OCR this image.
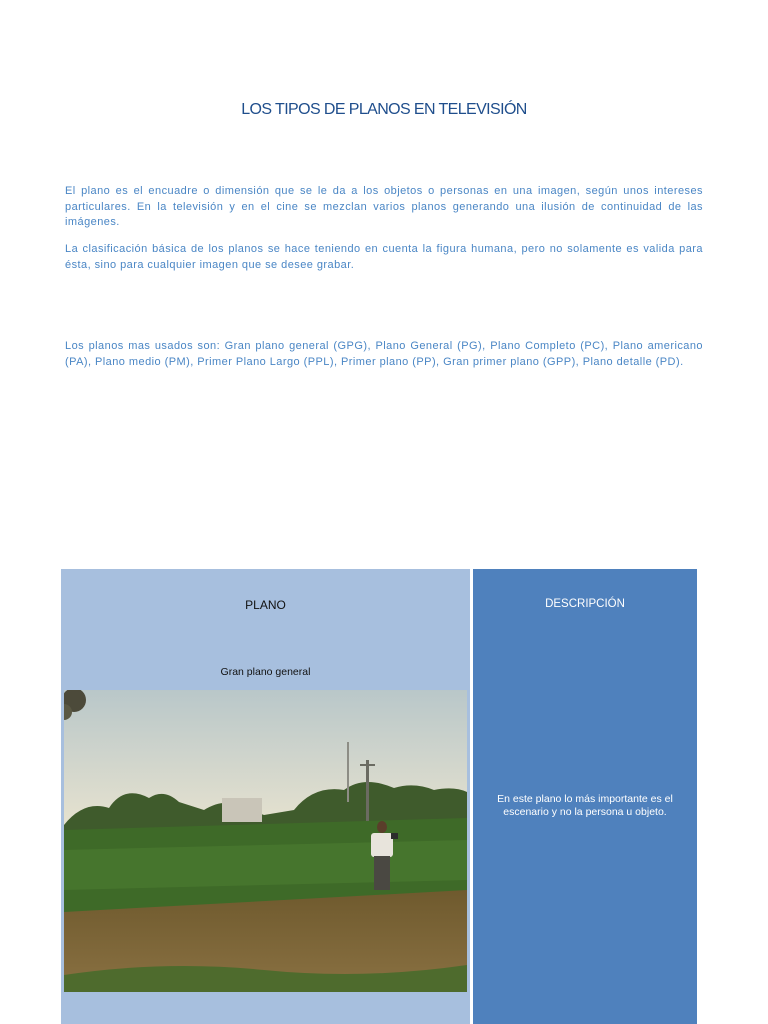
LOS TIPOS DE PLANOS EN TELEVISIÓN

El plano es el encuadre o dimensión que se le da a los objetos o personas en una imagen, según unos intereses particulares. En la televisión y en el cine se mezclan varios planos generando una ilusión de continuidad de las imágenes.

La clasificación básica de los planos se hace teniendo en cuenta la figura humana, pero no solamente es valida para ésta, sino para cualquier imagen que se desee grabar.

Los planos mas usados son: Gran plano general (GPG), Plano General (PG), Plano Completo (PC), Plano americano (PA), Plano medio (PM), Primer Plano Largo (PPL), Primer plano (PP), Gran primer plano (GPP), Plano detalle (PD).

PLANO
Gran plano general
DESCRIPCIÓN
En este plano lo más importante es el escenario y no la persona u objeto.
